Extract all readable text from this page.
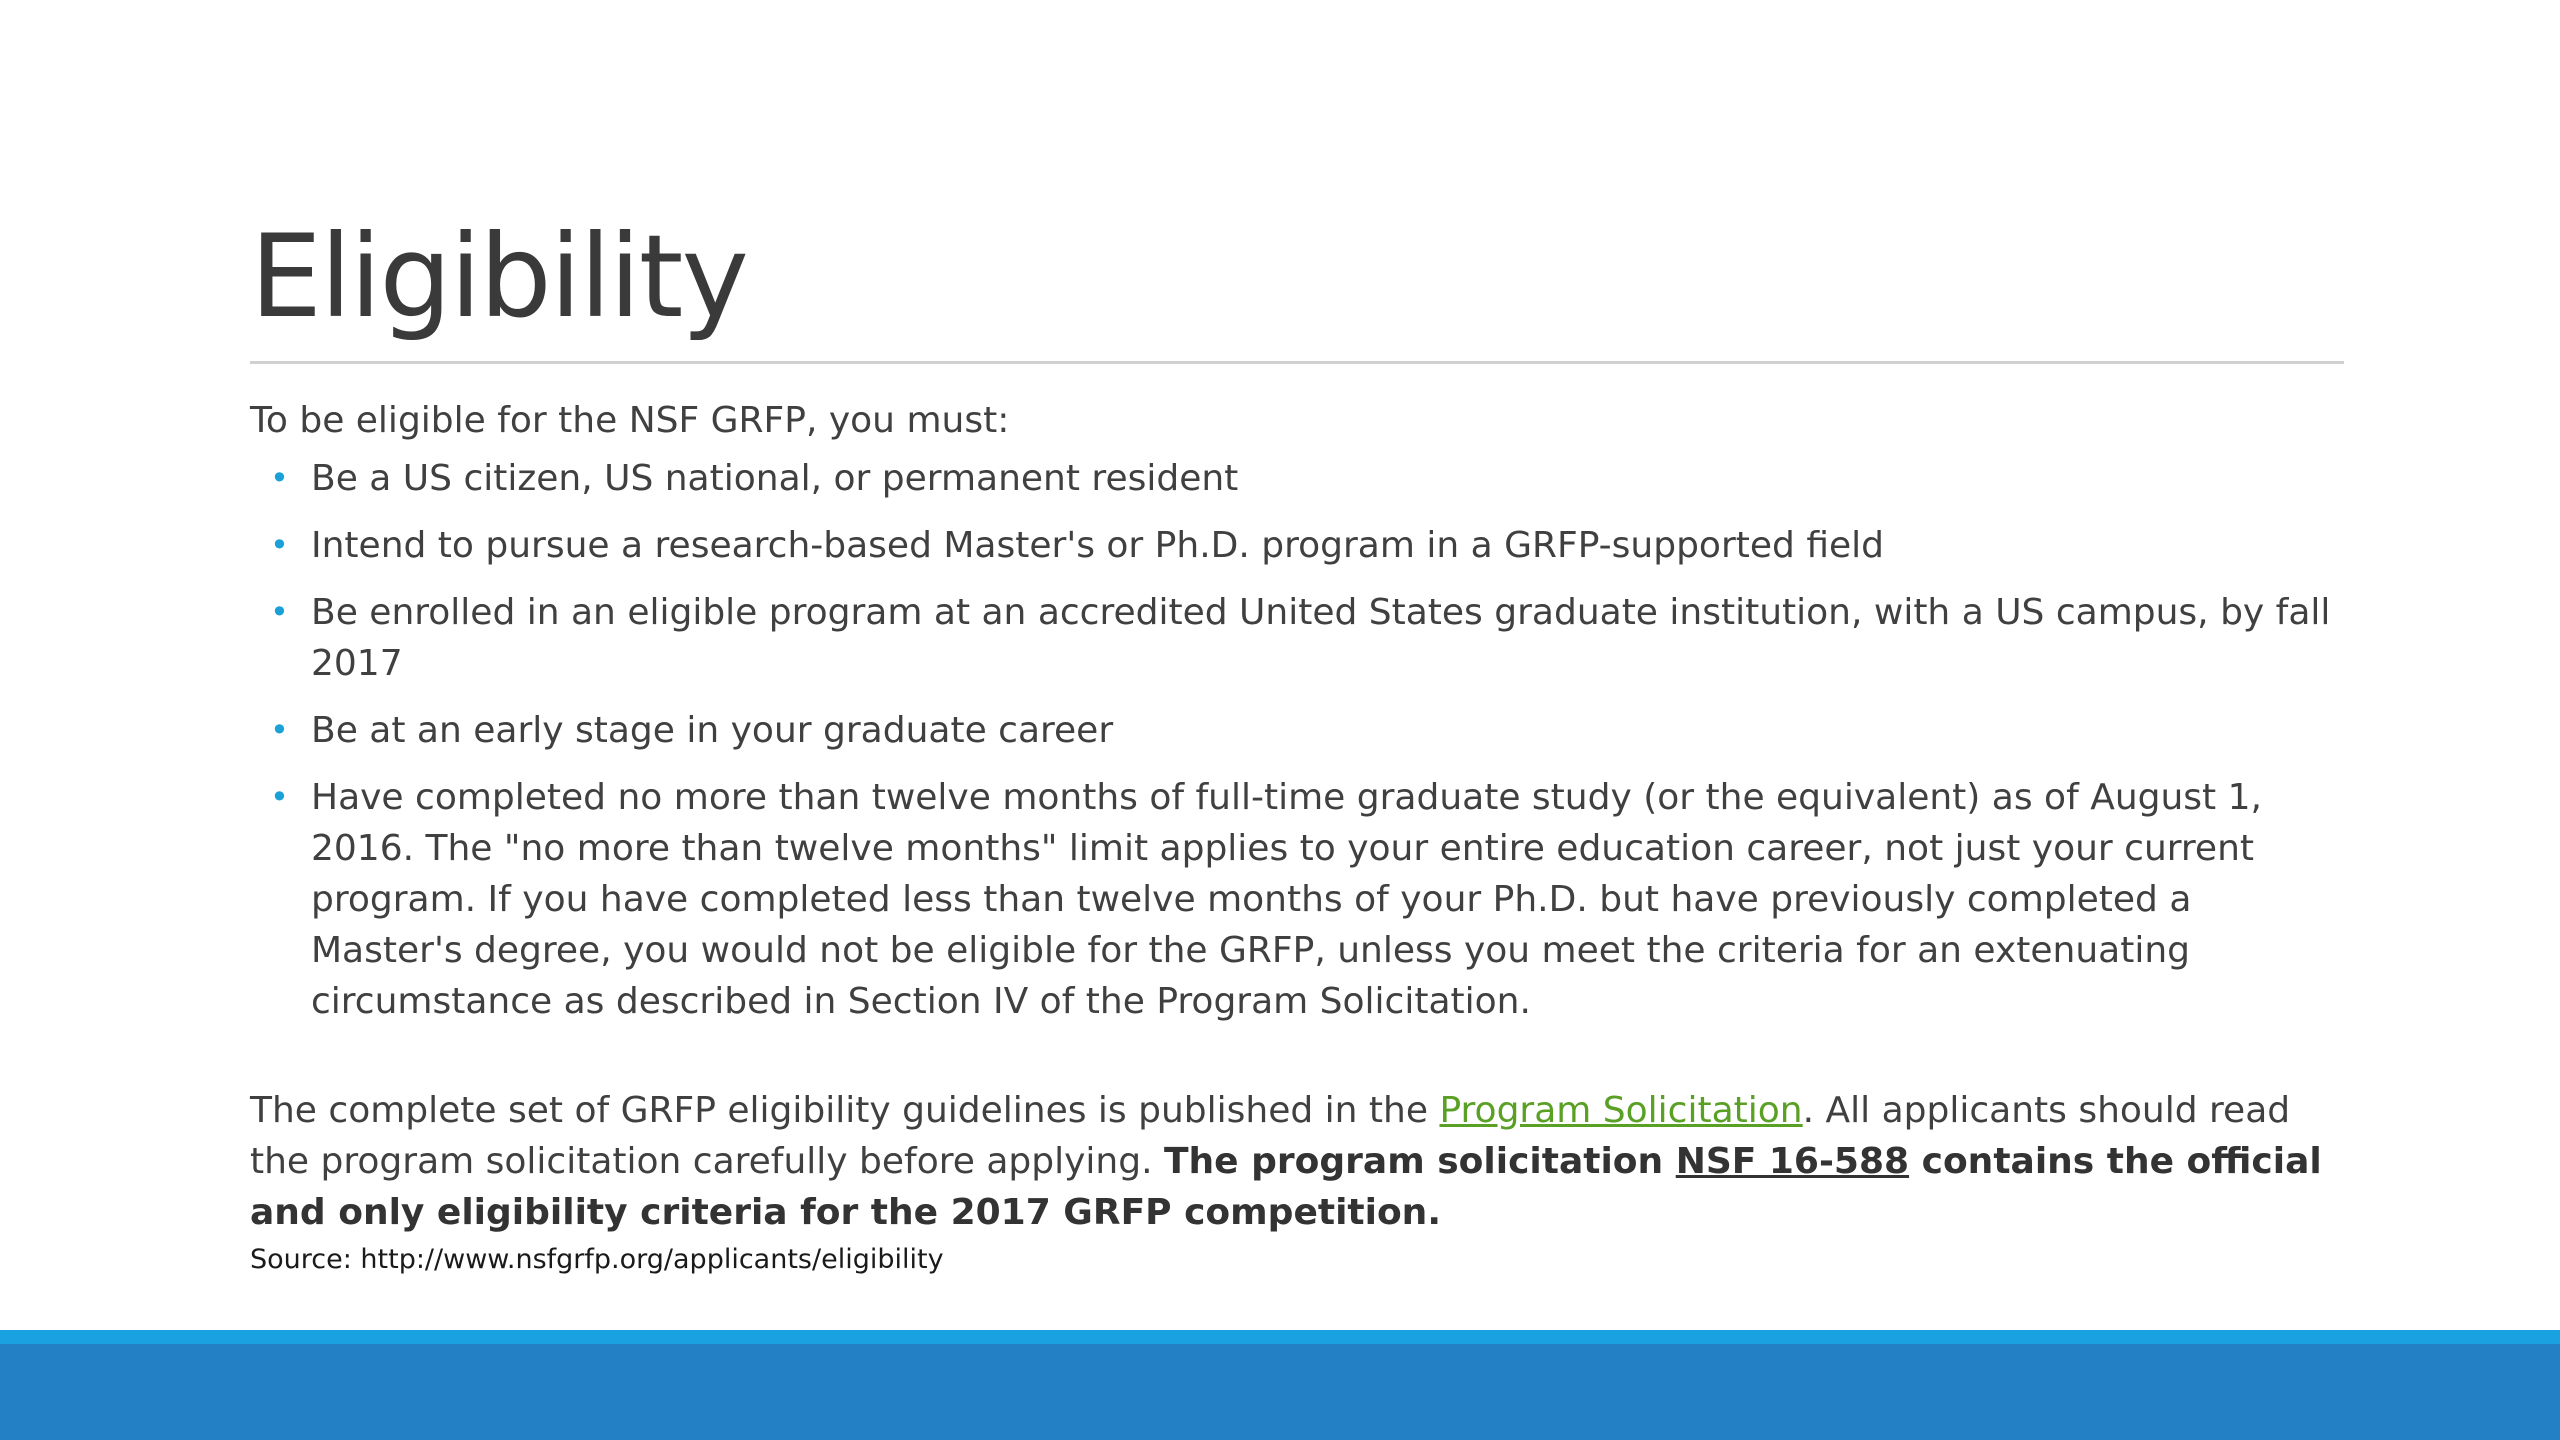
Eligibility

To be eligible for the NSF GRFP, you must:

• Be a US citizen, US national, or permanent resident
• Intend to pursue a research-based Master's or Ph.D. program in a GRFP-supported field
• Be enrolled in an eligible program at an accredited United States graduate institution, with a US campus, by fall 2017
• Be at an early stage in your graduate career
• Have completed no more than twelve months of full-time graduate study (or the equivalent) as of August 1, 2016. The "no more than twelve months" limit applies to your entire education career, not just your current program. If you have completed less than twelve months of your Ph.D. but have previously completed a Master's degree, you would not be eligible for the GRFP, unless you meet the criteria for an extenuating circumstance as described in Section IV of the Program Solicitation.

The complete set of GRFP eligibility guidelines is published in the Program Solicitation. All applicants should read the program solicitation carefully before applying. The program solicitation NSF 16-588 contains the official and only eligibility criteria for the 2017 GRFP competition.

Source: http://www.nsfgrfp.org/applicants/eligibility
